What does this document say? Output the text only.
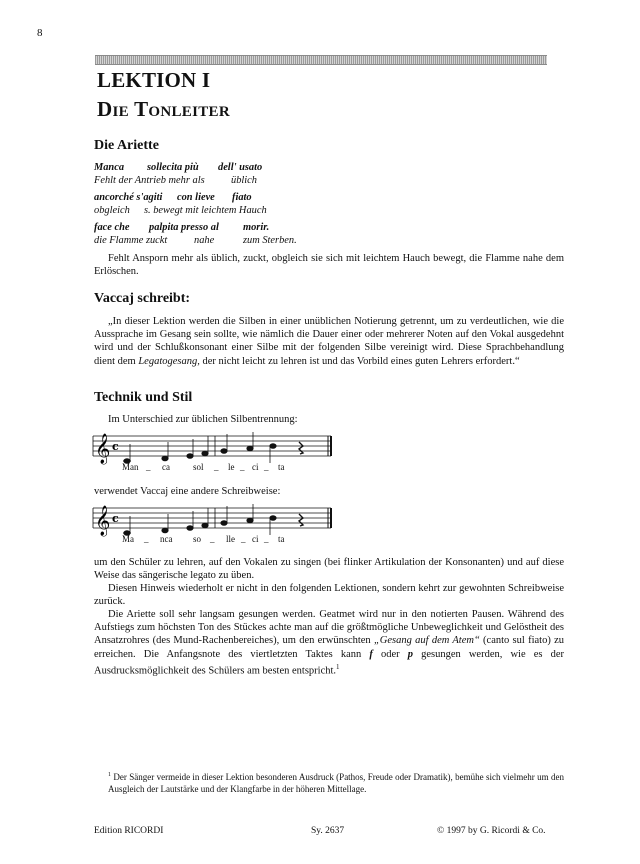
8
LEKTION I
Die Tonleiter
Die Ariette
Manca sollecita più dell' usato
Fehlt der Antrieb mehr als	üblich
ancorché s'agiti con lieve fiato
obgleich s. bewegt mit leichtem Hauch
face che palpita presso al morir.
die Flamme zuckt	nahe	zum Sterben.

Fehlt Ansporn mehr als üblich, zuckt, obgleich sie sich mit leichtem Hauch bewegt, die Flamme nahe dem Erlöschen.

Vaccaj schreibt:

„In dieser Lektion werden die Silben in einer unüblichen Notierung getrennt, um zu verdeutlichen, wie die Aussprache im Gesang sein sollte, wie nämlich die Dauer einer oder mehrerer Noten auf den Vokal ausgedehnt wird und der Schlußkonsonant einer Silbe mit der folgenden Silbe vereinigt wird. Diese Sprachbehandlung dient dem Legatogesang, der nicht leicht zu lehren ist und das Vorbild eines guten Lehrers erfordert.“

Technik und Stil

Im Unterschied zur üblichen Silbentrennung:

𝄞 c
Man _ ca	sol _ le _ ci _ ta

verwendet Vaccaj eine andere Schreibweise:

𝄞 c
Ma _ nca so _ lle _ ci _ ta

um den Schüler zu lehren, auf den Vokalen zu singen (bei flinker Artikulation der Konsonanten) und auf diese Weise das sängerische legato zu üben.

Diesen Hinweis wiederholt er nicht in den folgenden Lektionen, sondern kehrt zur gewohnten Schreibweise zurück.

Die Ariette soll sehr langsam gesungen werden. Geatmet wird nur in den notierten Pausen. Während des Aufstiegs zum höchsten Ton des Stückes achte man auf die größtmögliche Unbeweglichkeit und Gelöstheit des Ansatzrohres (des Mund-Rachenbereiches), um den erwünschten „Gesang auf dem Atem“ (canto sul fiato) zu erreichen. Die Anfangsnote des viertletzten Taktes kann f oder p gesungen werden, wie es der Ausdrucksmöglichkeit des Schülers am besten entspricht.$^1$

$^1$ Der Sänger vermeide in dieser Lektion besonderen Ausdruck (Pathos, Freude oder Dramatik), bemühe sich vielmehr um den Ausgleich der Lautstärke und der Klangfarbe in der höheren Mittellage.

Edition RICORDI	Sy. 2637	© 1997 by G. Ricordi & Co.
